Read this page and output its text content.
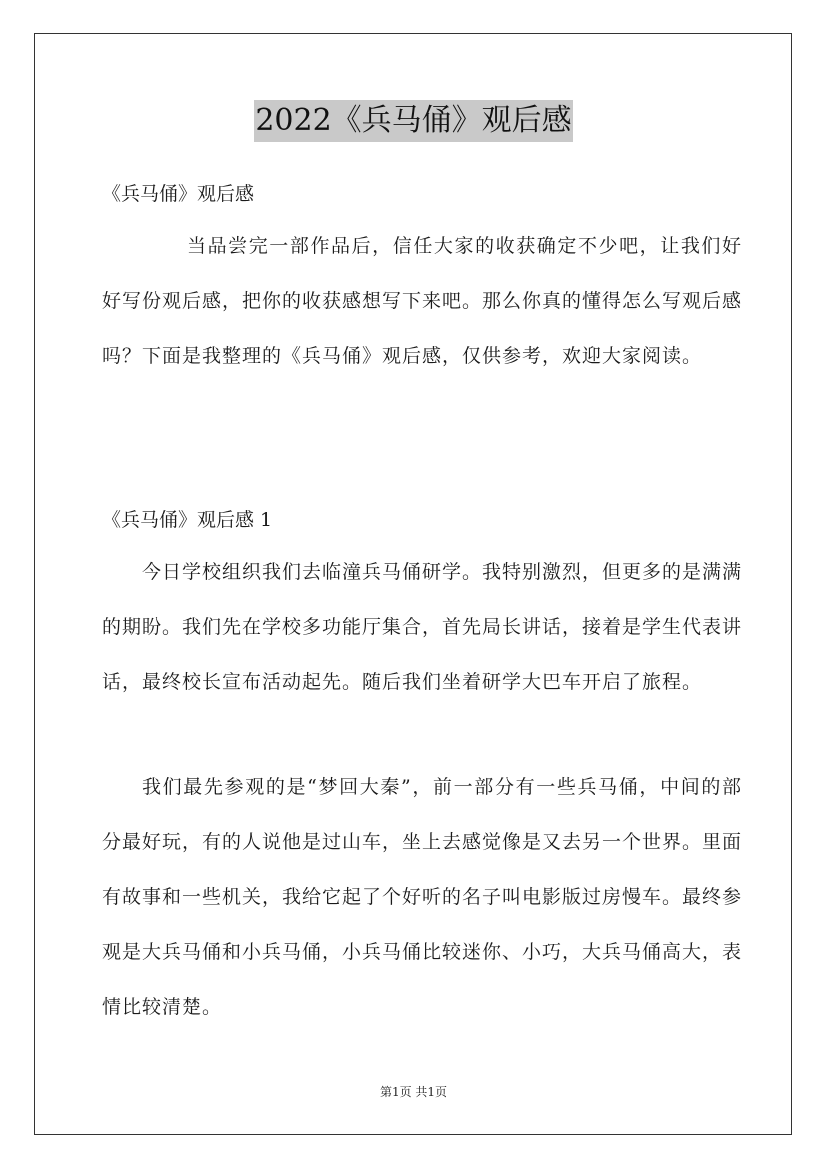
2022《兵马俑》观后感

《兵马俑》观后感

当品尝完一部作品后，信任大家的收获确定不少吧，让我们好好写份观后感，把你的收获感想写下来吧。那么你真的懂得怎么写观后感吗？下面是我整理的《兵马俑》观后感，仅供参考，欢迎大家阅读。

《兵马俑》观后感 1

今日学校组织我们去临潼兵马俑研学。我特别激烈，但更多的是满满的期盼。我们先在学校多功能厅集合，首先局长讲话，接着是学生代表讲话，最终校长宣布活动起先。随后我们坐着研学大巴车开启了旅程。

我们最先参观的是“梦回大秦”，前一部分有一些兵马俑，中间的部分最好玩，有的人说他是过山车，坐上去感觉像是又去另一个世界。里面有故事和一些机关，我给它起了个好听的名子叫电影版过房慢车。最终参观是大兵马俑和小兵马俑，小兵马俑比较迷你、小巧，大兵马俑高大，表情比较清楚。

第1页 共1页
